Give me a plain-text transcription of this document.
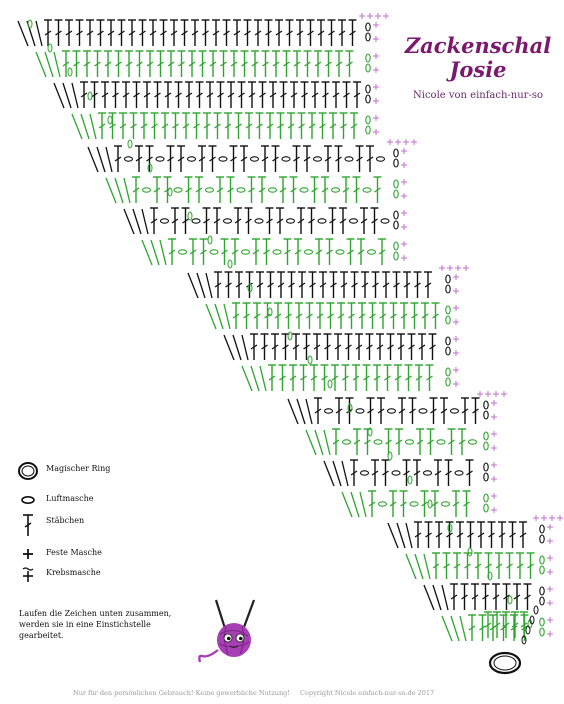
Zackenschal
Josie
Nicole von einfach-nur-so
Magischer Ring
Luftmasche
Stäbchen
Feste Masche
Krebsmasche
Laufen die Zeichen unten zusammen, werden sie in eine Einstichstelle gearbeitet.
Nur für den persönlichen Gebrauch! Keine gewerbliche Nutzung! Copyright Nicole einfach-nur-so.de 2017
